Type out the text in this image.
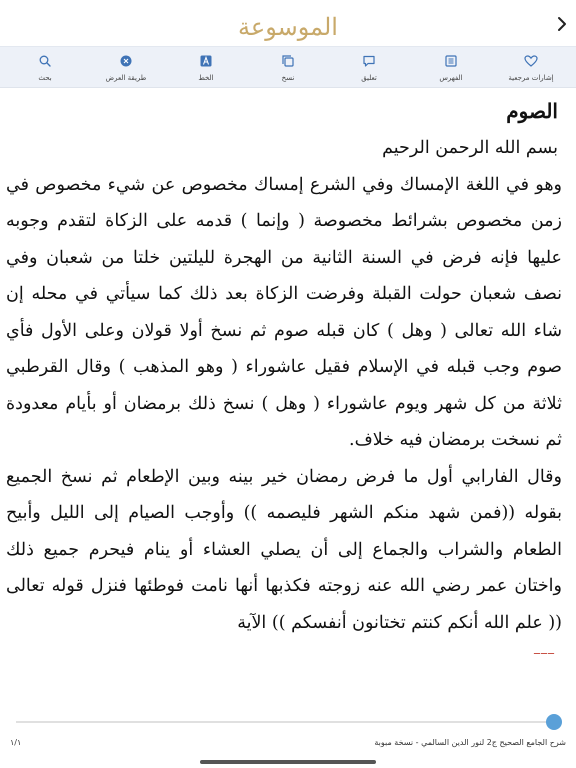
الموسوعة
إشارات مرجعية
الفهرس
تعليق
نسخ
الخط
طريقة العرض
بحث
الصوم

بسم الله الرحمن الرحيم

وهو في اللغة الإمساك وفي الشرع إمساك مخصوص عن شيء مخصوص في زمن مخصوص بشرائط مخصوصة ( وإنما ) قدمه على الزكاة لتقدم وجوبه عليها فإنه فرض في السنة الثانية من الهجرة لليلتين خلتا من شعبان وفي نصف شعبان حولت القبلة وفرضت الزكاة بعد ذلك كما سيأتي في محله إن شاء الله تعالى ( وهل ) كان قبله صوم ثم نسخ أولا قولان وعلى الأول فأي صوم وجب قبله في الإسلام فقيل عاشوراء ( وهو المذهب ) وقال القرطبي ثلاثة من كل شهر ويوم عاشوراء ( وهل ) نسخ ذلك برمضان أو بأيام معدودة ثم نسخت برمضان فيه خلاف.

وقال الفارابي أول ما فرض رمضان خير بينه وبين الإطعام ثم نسخ الجميع بقوله ((فمن شهد منكم الشهر فليصمه )) وأوجب الصيام إلى الليل وأبيح الطعام والشراب والجماع إلى أن يصلي العشاء أو ينام فيحرم جميع ذلك واختان عمر رضي الله عنه زوجته فكذبها أنها نامت فوطئها فنزل قوله تعالى (( علم الله أنكم كنتم تختانون أنفسكم )) الآية

___
شرح الجامع الصحيح ج2 لنور الدين السالمي - نسخة مبوبة
١/١
